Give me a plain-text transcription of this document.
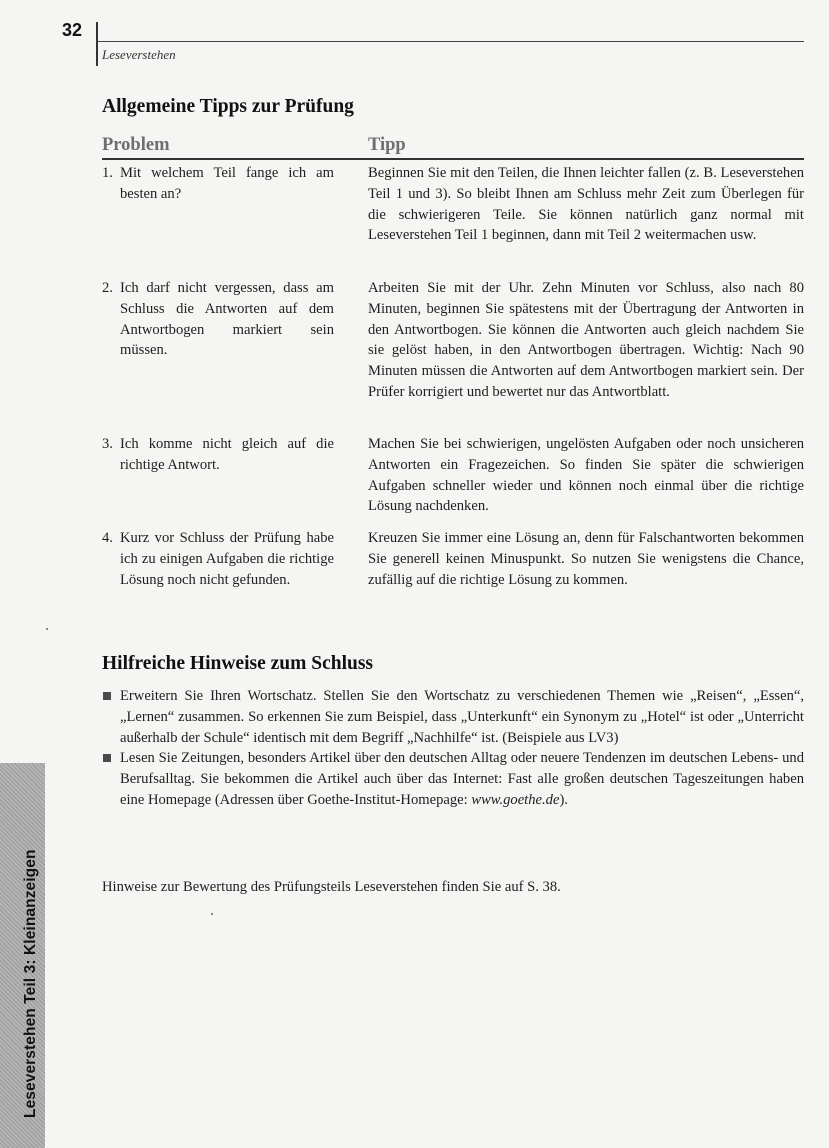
Leseverstehen Teil 3: Kleinanzeigen
32
Leseverstehen
Allgemeine Tipps zur Prüfung
Problem	Tipp
1. Mit welchem Teil fange ich am besten an?
Beginnen Sie mit den Teilen, die Ihnen leichter fallen (z. B. Leseverstehen Teil 1 und 3). So bleibt Ihnen am Schluss mehr Zeit zum Überlegen für die schwierigeren Teile. Sie können natürlich ganz normal mit Leseverstehen Teil 1 beginnen, dann mit Teil 2 weitermachen usw.
2. Ich darf nicht vergessen, dass am Schluss die Antworten auf dem Antwortbogen markiert sein müssen.
Arbeiten Sie mit der Uhr. Zehn Minuten vor Schluss, also nach 80 Minuten, beginnen Sie spätestens mit der Übertragung der Antworten in den Antwortbogen. Sie können die Antworten auch gleich nachdem Sie sie gelöst haben, in den Antwortbogen übertragen. Wichtig: Nach 90 Minuten müssen die Antworten auf dem Antwortbogen markiert sein. Der Prüfer korrigiert und bewertet nur das Antwortblatt.
3. Ich komme nicht gleich auf die richtige Antwort.
Machen Sie bei schwierigen, ungelösten Aufgaben oder noch unsicheren Antworten ein Fragezeichen. So finden Sie später die schwierigen Aufgaben schneller wieder und können noch einmal über die richtige Lösung nachdenken.
4. Kurz vor Schluss der Prüfung habe ich zu einigen Aufgaben die richtige Lösung noch nicht gefunden.
Kreuzen Sie immer eine Lösung an, denn für Falschantworten bekommen Sie generell keinen Minuspunkt. So nutzen Sie wenigstens die Chance, zufällig auf die richtige Lösung zu kommen.
Hilfreiche Hinweise zum Schluss
Erweitern Sie Ihren Wortschatz. Stellen Sie den Wortschatz zu verschiedenen Themen wie „Reisen“, „Essen“, „Lernen“ zusammen. So erkennen Sie zum Beispiel, dass „Unterkunft“ ein Synonym zu „Hotel“ ist oder „Unterricht außerhalb der Schule“ identisch mit dem Begriff „Nachhilfe“ ist. (Beispiele aus LV3)
Lesen Sie Zeitungen, besonders Artikel über den deutschen Alltag oder neuere Tendenzen im deutschen Lebens- und Berufsalltag. Sie bekommen die Artikel auch über das Internet: Fast alle großen deutschen Tageszeitungen haben eine Homepage (Adressen über Goethe-Institut-Homepage: www.goethe.de).
Hinweise zur Bewertung des Prüfungsteils Leseverstehen finden Sie auf S. 38.
